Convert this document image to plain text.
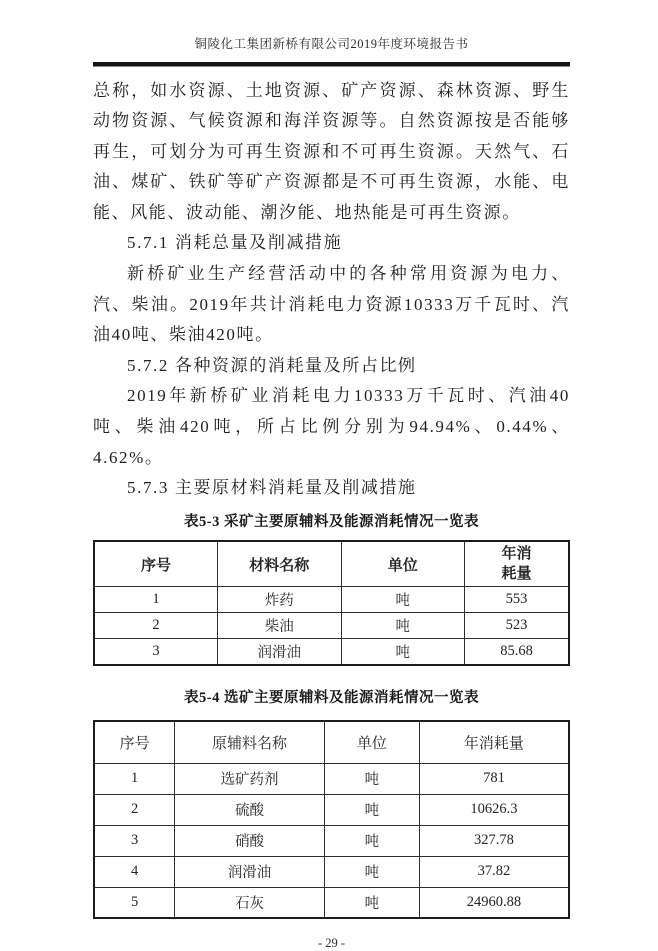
铜陵化工集团新桥有限公司2019年度环境报告书
总称，如水资源、土地资源、矿产资源、森林资源、野生动物资源、气候资源和海洋资源等。自然资源按是否能够再生，可划分为可再生资源和不可再生资源。天然气、石油、煤矿、铁矿等矿产资源都是不可再生资源，水能、电能、风能、波动能、潮汐能、地热能是可再生资源。
5.7.1 消耗总量及削减措施
新桥矿业生产经营活动中的各种常用资源为电力、汽、柴油。2019年共计消耗电力资源10333万千瓦时、汽油40吨、柴油420吨。
5.7.2 各种资源的消耗量及所占比例
2019年新桥矿业消耗电力10333万千瓦时、汽油40吨、柴油420吨，所占比例分别为94.94%、0.44%、4.62%。
5.7.3 主要原材料消耗量及削减措施
表5-3 采矿主要原辅料及能源消耗情况一览表
序号	材料名称	单位	年消耗量
1	炸药	吨	553
2	柴油	吨	523
3	润滑油	吨	85.68
表5-4 选矿主要原辅料及能源消耗情况一览表
序号	原辅料名称	单位	年消耗量
1	选矿药剂	吨	781
2	硫酸	吨	10626.3
3	硝酸	吨	327.78
4	润滑油	吨	37.82
5	石灰	吨	24960.88
- 29 -
